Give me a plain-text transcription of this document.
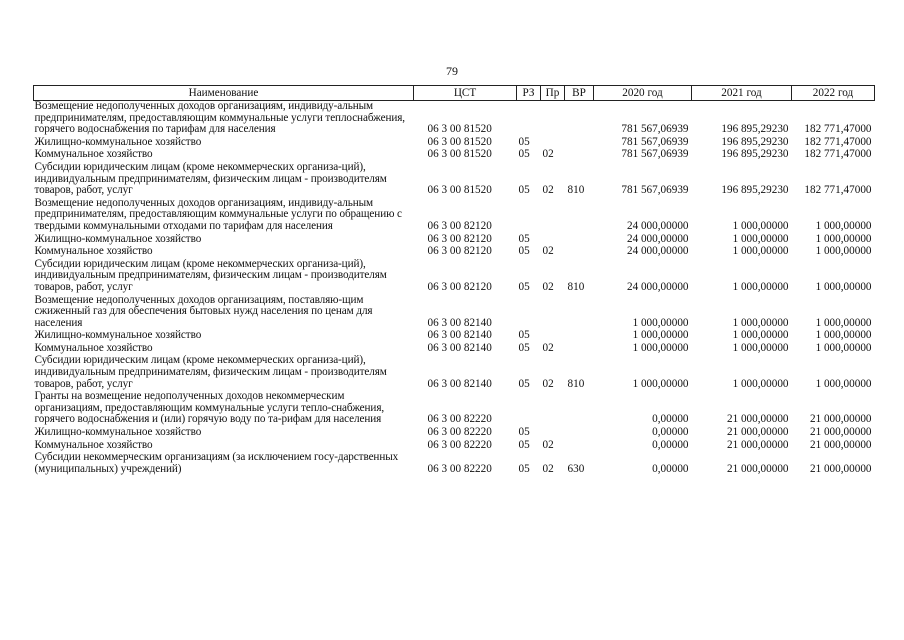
79
Наименование	ЦСТ	РЗ	Пр	ВР	2020 год	2021 год	2022 год
Возмещение недополученных доходов организациям, индивиду-альным предпринимателям, предоставляющим коммунальные услуги теплоснабжения, горячего водоснабжения по тарифам для населения	06 3 00 81520				781 567,06939	196 895,29230	182 771,47000
Жилищно-коммунальное хозяйство	06 3 00 81520	05			781 567,06939	196 895,29230	182 771,47000
Коммунальное хозяйство	06 3 00 81520	05	02		781 567,06939	196 895,29230	182 771,47000
Субсидии юридическим лицам (кроме некоммерческих организа-ций), индивидуальным предпринимателям, физическим лицам - производителям товаров, работ, услуг	06 3 00 81520	05	02	810	781 567,06939	196 895,29230	182 771,47000
Возмещение недополученных доходов организациям, индивиду-альным предпринимателям, предоставляющим коммунальные услуги по обращению с твердыми коммунальными отходами по тарифам для населения	06 3 00 82120				24 000,00000	1 000,00000	1 000,00000
Жилищно-коммунальное хозяйство	06 3 00 82120	05			24 000,00000	1 000,00000	1 000,00000
Коммунальное хозяйство	06 3 00 82120	05	02		24 000,00000	1 000,00000	1 000,00000
Субсидии юридическим лицам (кроме некоммерческих организа-ций), индивидуальным предпринимателям, физическим лицам - производителям товаров, работ, услуг	06 3 00 82120	05	02	810	24 000,00000	1 000,00000	1 000,00000
Возмещение недополученных доходов организациям, поставляю-щим сжиженный газ для обеспечения бытовых нужд населения по ценам для населения	06 3 00 82140				1 000,00000	1 000,00000	1 000,00000
Жилищно-коммунальное хозяйство	06 3 00 82140	05			1 000,00000	1 000,00000	1 000,00000
Коммунальное хозяйство	06 3 00 82140	05	02		1 000,00000	1 000,00000	1 000,00000
Субсидии юридическим лицам (кроме некоммерческих организа-ций), индивидуальным предпринимателям, физическим лицам - производителям товаров, работ, услуг	06 3 00 82140	05	02	810	1 000,00000	1 000,00000	1 000,00000
Гранты на возмещение недополученных доходов некоммерческим организациям, предоставляющим коммунальные услуги тепло-снабжения, горячего водоснабжения и (или) горячую воду по та-рифам для населения	06 3 00 82220				0,00000	21 000,00000	21 000,00000
Жилищно-коммунальное хозяйство	06 3 00 82220	05			0,00000	21 000,00000	21 000,00000
Коммунальное хозяйство	06 3 00 82220	05	02		0,00000	21 000,00000	21 000,00000
Субсидии некоммерческим организациям (за исключением госу-дарственных (муниципальных) учреждений)	06 3 00 82220	05	02	630	0,00000	21 000,00000	21 000,00000
